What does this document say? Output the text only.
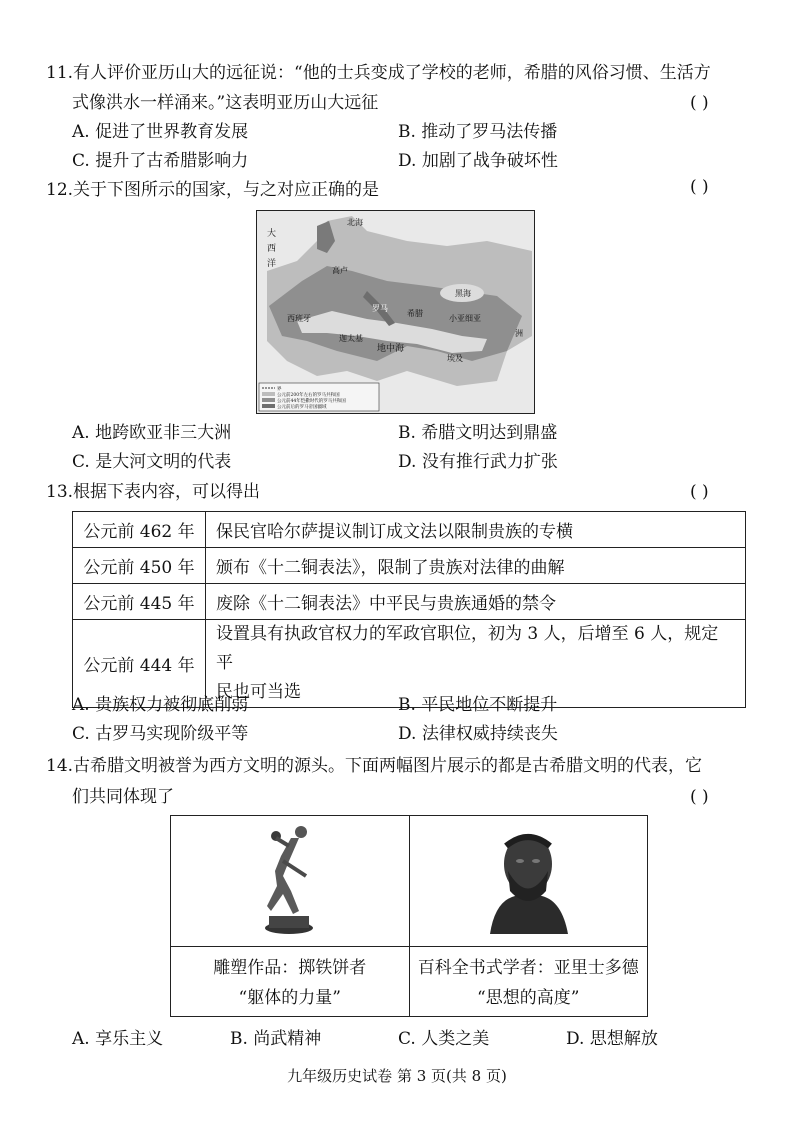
11.有人评价亚历山大的远征说：“他的士兵变成了学校的老师，希腊的风俗习惯、生活方
式像洪水一样涌来。”这表明亚历山大远征	( )
A. 促进了世界教育发展	B. 推动了罗马法传播
C. 提升了古希腊影响力	D. 加剧了战争破坏性
12.关于下图所示的国家，与之对应正确的是	( )
大
西
洋
北海
高卢
罗马
西班牙
地中海
迦太基
希腊
小亚细亚
埃及
黑海
洲
界
公元前200年左右的罗马共和国
公元前44年恺撒时代的罗马共和国
公元前后的罗马帝国疆域
A. 地跨欧亚非三大洲	B. 希腊文明达到鼎盛
C. 是大河文明的代表	D. 没有推行武力扩张
13.根据下表内容，可以得出	( )
公元前 462 年	保民官哈尔萨提议制订成文法以限制贵族的专横
公元前 450 年	颁布《十二铜表法》，限制了贵族对法律的曲解
公元前 445 年	废除《十二铜表法》中平民与贵族通婚的禁令
公元前 444 年	设置具有执政官权力的军政官职位，初为 3 人，后增至 6 人，规定平
民也可当选
A. 贵族权力被彻底削弱	B. 平民地位不断提升
C. 古罗马实现阶级平等	D. 法律权威持续丧失
14.古希腊文明被誉为西方文明的源头。下面两幅图片展示的都是古希腊文明的代表，它
们共同体现了	( )
雕塑作品：掷铁饼者
“躯体的力量”
百科全书式学者：亚里士多德
“思想的高度”
A. 享乐主义	B. 尚武精神	C. 人类之美	D. 思想解放
九年级历史试卷 第 3 页(共 8 页)
